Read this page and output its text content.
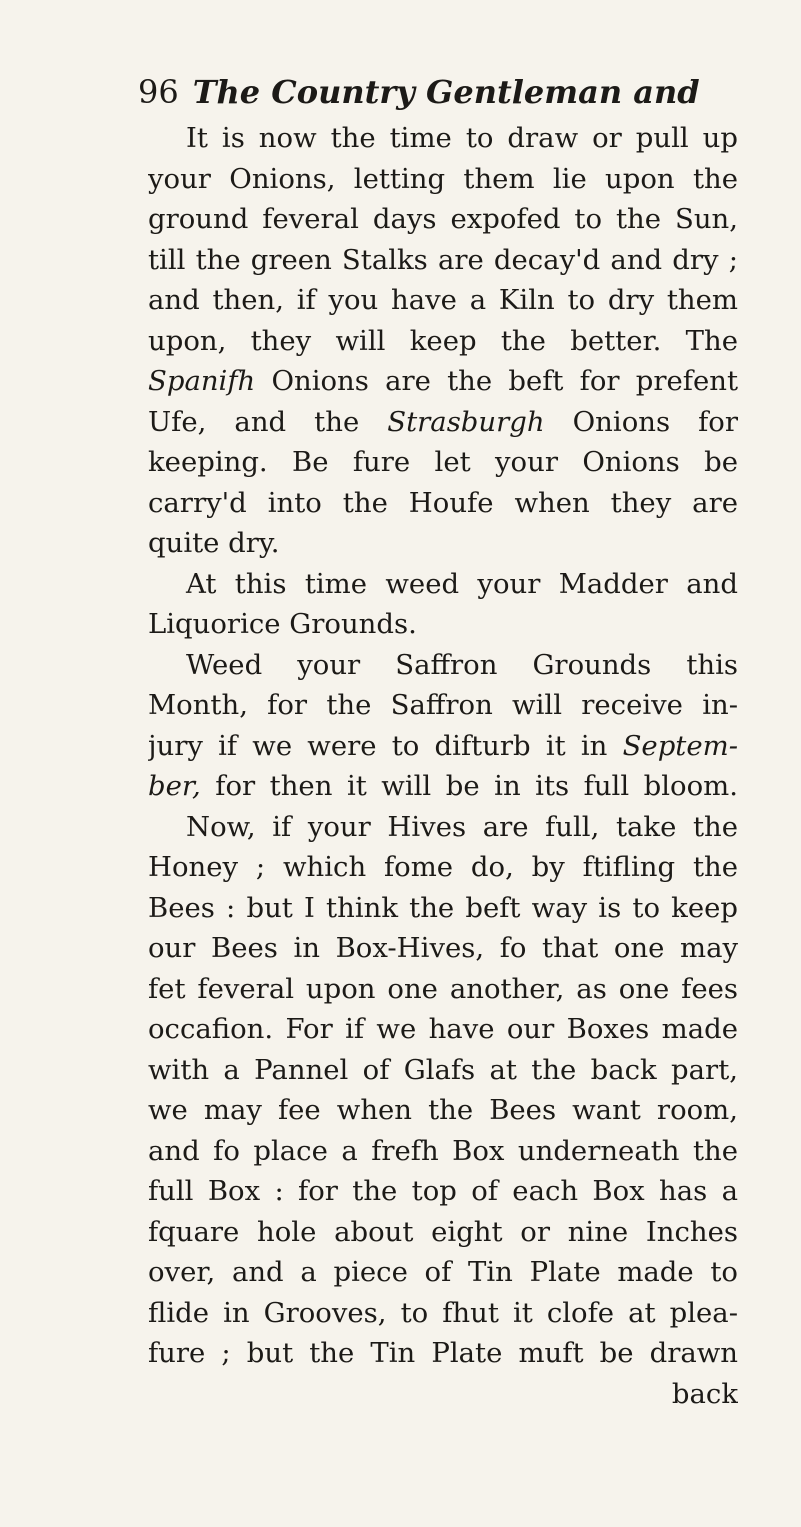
96 The Country Gentleman and
It is now the time to draw or pull up
your Onions, letting them lie upon the
ground feveral days expofed to the Sun,
till the green Stalks are decay'd and dry ;
and then, if you have a Kiln to dry them
upon, they will keep the better. The
Spanifh Onions are the beft for prefent
Ufe, and the Strasburgh Onions for
keeping. Be fure let your Onions be
carry'd into the Houfe when they are
quite dry.
At this time weed your Madder and
Liquorice Grounds.
Weed your Saffron Grounds this
Month, for the Saffron will receive in-
jury if we were to difturb it in Septem-
ber, for then it will be in its full bloom.
Now, if your Hives are full, take the
Honey ; which fome do, by ftifling the
Bees : but I think the beft way is to keep
our Bees in Box-Hives, fo that one may
fet feveral upon one another, as one fees
occafion. For if we have our Boxes made
with a Pannel of Glafs at the back part,
we may fee when the Bees want room,
and fo place a frefh Box underneath the
full Box : for the top of each Box has a
fquare hole about eight or nine Inches
over, and a piece of Tin Plate made to
flide in Grooves, to fhut it clofe at plea-
fure ; but the Tin Plate muft be drawn
back
